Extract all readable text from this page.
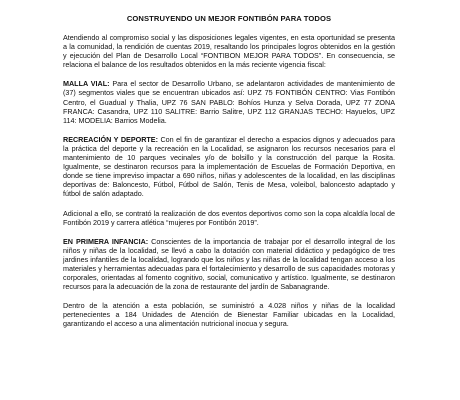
CONSTRUYENDO UN MEJOR FONTIBÓN PARA TODOS

Atendiendo al compromiso social y las disposiciones legales vigentes, en esta oportunidad se presenta a la comunidad, la rendición de cuentas 2019, resaltando los principales logros obtenidos en la gestión y ejecución del Plan de Desarrollo Local “FONTIBON MEJOR PARA TODOS”. En consecuencia, se relaciona el balance de los resultados obtenidos en la más reciente vigencia fiscal:

MALLA VIAL: Para el sector de Desarrollo Urbano, se adelantaron actividades de mantenimiento de (37) segmentos viales que se encuentran ubicados así: UPZ 75 FONTIBÓN CENTRO: Vias Fontibón Centro, el Guadual y Thalia, UPZ 76 SAN PABLO: Bohíos Hunza y Selva Dorada, UPZ 77 ZONA FRANCA: Casandra, UPZ 110 SALITRE: Barrio Salitre, UPZ 112 GRANJAS TECHO: Hayuelos, UPZ 114: MODELIA: Barrios Modelia.

RECREACIÓN Y DEPORTE: Con el fin de garantizar el derecho a espacios dignos y adecuados para la práctica del deporte y la recreación en la Localidad, se asignaron los recursos necesarios para el mantenimiento de 10 parques vecinales y/o de bolsillo y la construcción del parque la Rosita. Igualmente, se destinaron recursos para la implementación de Escuelas de Formación Deportiva, en donde se tiene impreviso impactar a 690 niños, niñas y adolescentes de la localidad, en las disciplinas deportivas de: Baloncesto, Fútbol, Fútbol de Salón, Tenis de Mesa, voleibol, baloncesto adaptado y fútbol de salón adaptado.

Adicional a ello, se contrató la realización de dos eventos deportivos como son la copa alcaldía local de Fontibón 2019 y carrera atlética “mujeres por Fontibón 2019”.

EN PRIMERA INFANCIA: Conscientes de la importancia de trabajar por el desarrollo integral de los niños y niñas de la localidad, se llevó a cabo la dotación con material didáctico y pedagógico de tres jardines infantiles de la localidad, logrando que los niños y las niñas de la localidad tengan acceso a los materiales y herramientas adecuadas para el fortalecimiento y desarrollo de sus capacidades motoras y corporales, orientadas al fomento cognitivo, social, comunicativo y artístico. Igualmente, se destinaron recursos para la adecuación de la zona de restaurante del jardín de Sabanagrande.

Dentro de la atención a esta población, se suministró a 4.028 niños y niñas de la localidad pertenecientes a 184 Unidades de Atención de Bienestar Familiar ubicadas en la Localidad, garantizando el acceso a una alimentación nutricional inocua y segura.
